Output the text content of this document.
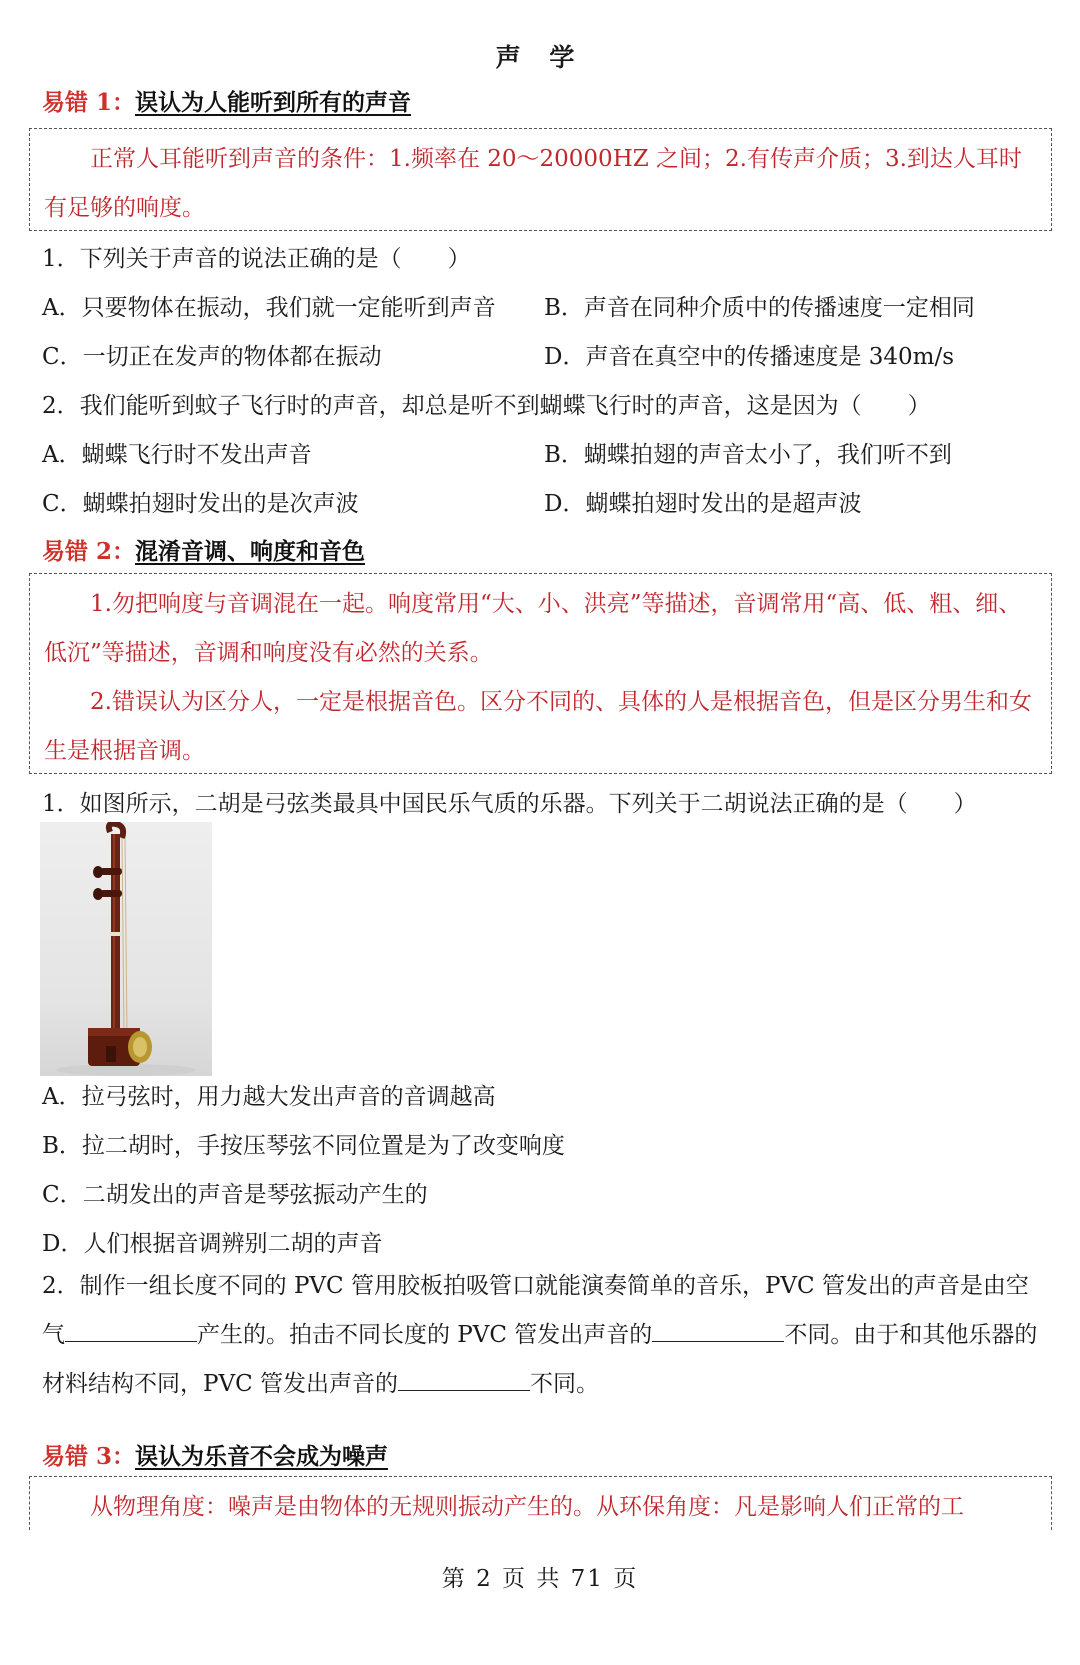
声 学
易错 1：误认为人能听到所有的声音

正常人耳能听到声音的条件：1.频率在 20～20000HZ 之间；2.有传声介质；3.到达人耳时有足够的响度。

1．下列关于声音的说法正确的是（　　）
A．只要物体在振动，我们就一定能听到声音 B．声音在同种介质中的传播速度一定相同
C．一切正在发声的物体都在振动	D．声音在真空中的传播速度是 340m/s
2．我们能听到蚊子飞行时的声音，却总是听不到蝴蝶飞行时的声音，这是因为（　　）
A．蝴蝶飞行时不发出声音	B．蝴蝶拍翅的声音太小了，我们听不到
C．蝴蝶拍翅时发出的是次声波	D．蝴蝶拍翅时发出的是超声波
易错 2：混淆音调、响度和音色

1.勿把响度与音调混在一起。响度常用“大、小、洪亮”等描述，音调常用“高、低、粗、细、低沉”等描述，音调和响度没有必然的关系。

2.错误认为区分人，一定是根据音色。区分不同的、具体的人是根据音色，但是区分男生和女生是根据音调。

1．如图所示，二胡是弓弦类最具中国民乐气质的乐器。下列关于二胡说法正确的是（　　）
A．拉弓弦时，用力越大发出声音的音调越高
B．拉二胡时，手按压琴弦不同位置是为了改变响度
C．二胡发出的声音是琴弦振动产生的
D．人们根据音调辨别二胡的声音
2．制作一组长度不同的 PVC 管用胶板拍吸管口就能演奏简单的音乐，PVC 管发出的声音是由空气	产生的。拍击不同长度的 PVC 管发出声音的	不同。由于和其他乐器的材料结构不同，PVC 管发出声音的	不同。
易错 3：误认为乐音不会成为噪声

从物理角度：噪声是由物体的无规则振动产生的。从环保角度：凡是影响人们正常的工

第 2 页 共 71 页
